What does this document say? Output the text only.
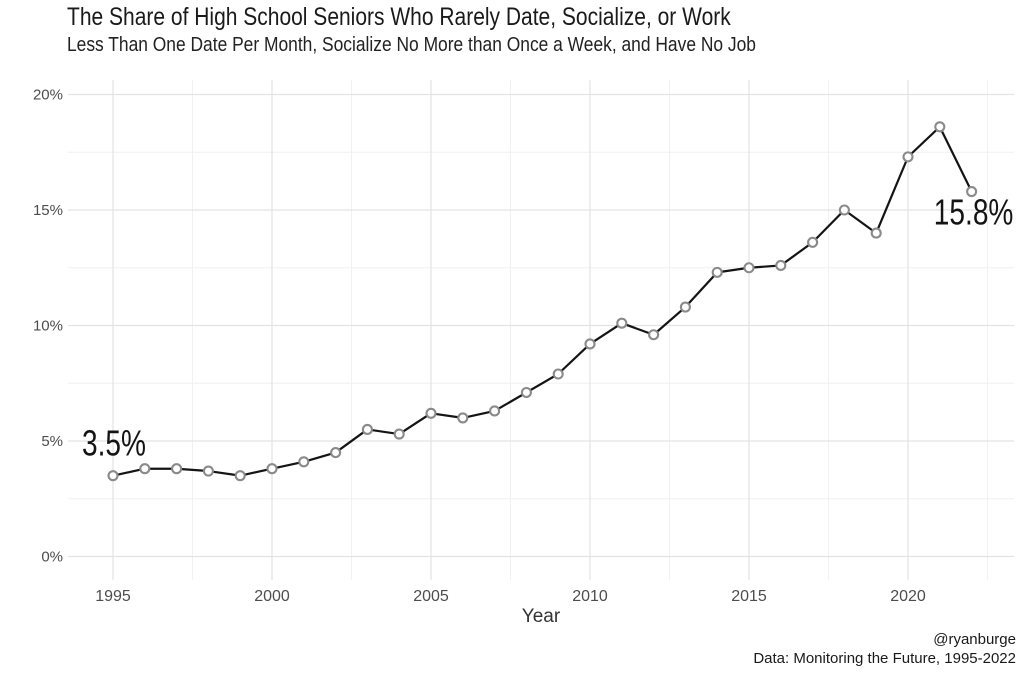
The Share of High School Seniors Who Rarely Date, Socialize, or Work
Less Than One Date Per Month, Socialize No More than Once a Week, and Have No Job
3.5%
15.8%
0%
5%
10%
15%
20%
1995	2000	2005	2010	2015	2020
Year
@ryanburge
Data: Monitoring the Future, 1995-2022
